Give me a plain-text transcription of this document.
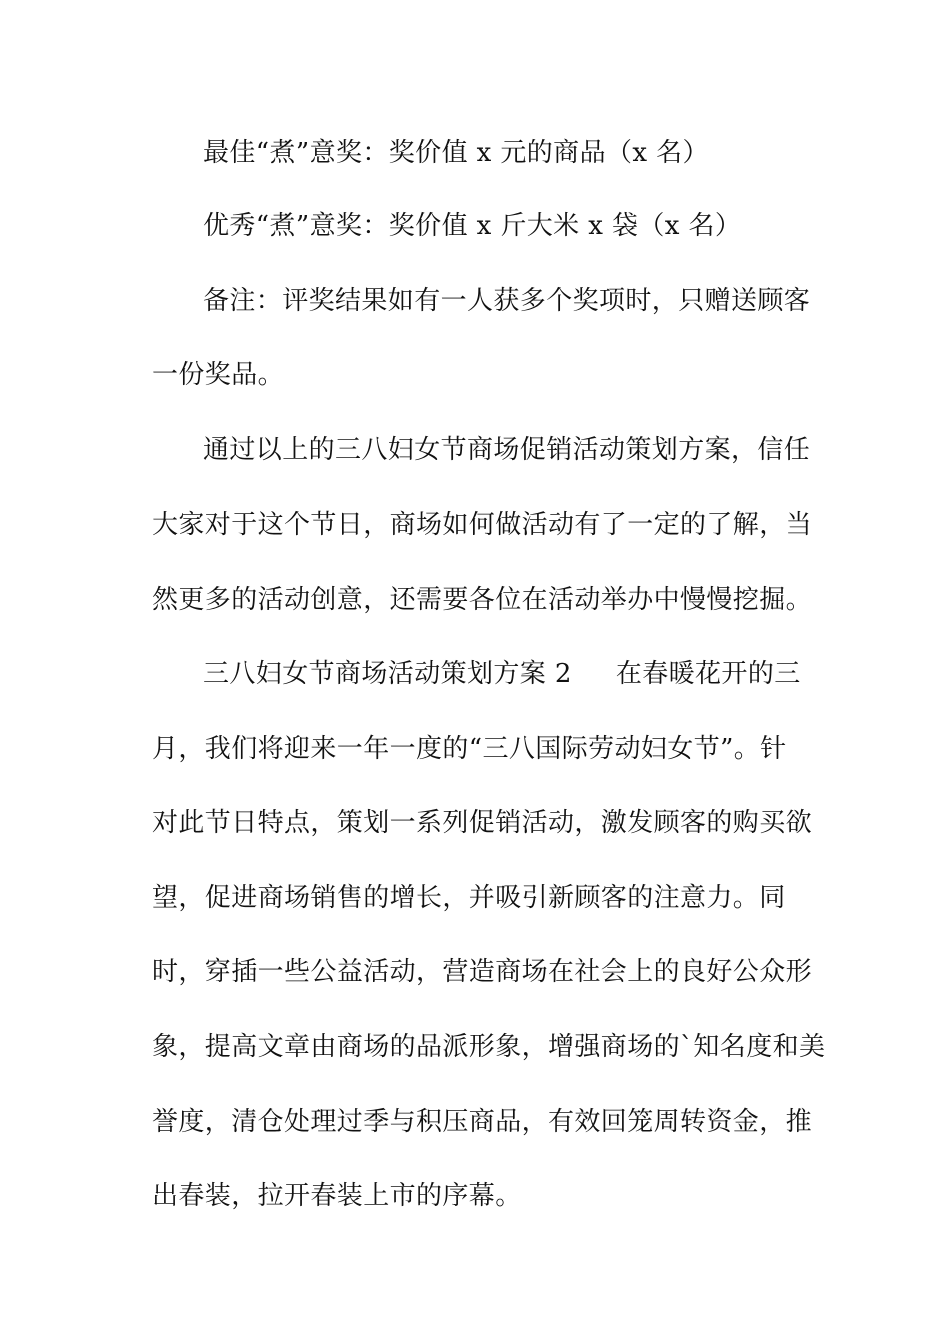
最佳“煮”意奖：奖价值 x 元的商品（x 名）
优秀“煮”意奖：奖价值 x 斤大米 x 袋（x 名）
备注：评奖结果如有一人获多个奖项时，只赠送顾客
一份奖品。
通过以上的三八妇女节商场促销活动策划方案，信任
大家对于这个节日，商场如何做活动有了一定的了解，当
然更多的活动创意，还需要各位在活动举办中慢慢挖掘。
三八妇女节商场活动策划方案 2 在春暖花开的三
月，我们将迎来一年一度的“三八国际劳动妇女节”。针
对此节日特点，策划一系列促销活动，激发顾客的购买欲
望，促进商场销售的增长，并吸引新顾客的注意力。同
时，穿插一些公益活动，营造商场在社会上的良好公众形
象，提高文章由商场的品派形象，增强商场的`知名度和美
誉度，清仓处理过季与积压商品，有效回笼周转资金，推
出春装，拉开春装上市的序幕。
